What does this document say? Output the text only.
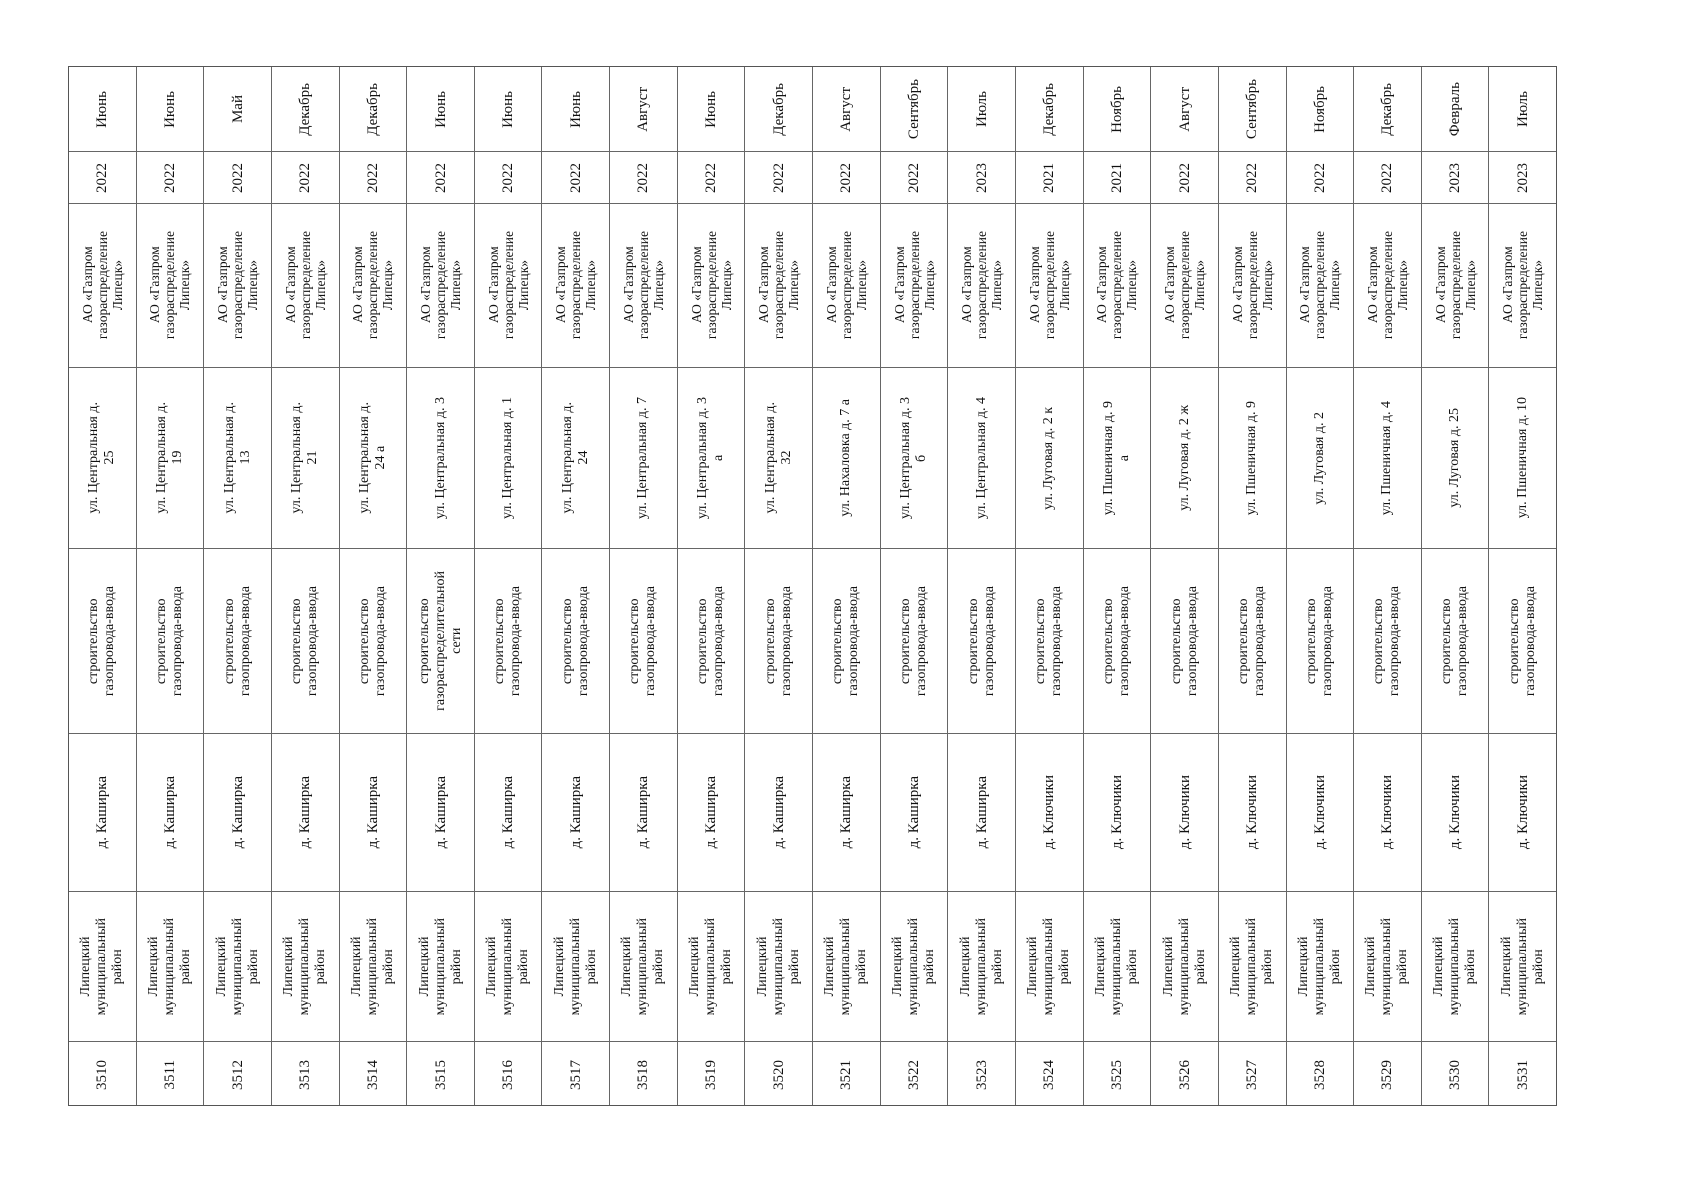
Июнь
2022
АО «Газпром
газораспределение
Липецк»
ул. Центральная д.
25
строительство
газопровода-ввода
д. Каширка
Липецкий
муниципальный
район
3510
Июнь
2022
АО «Газпром
газораспределение
Липецк»
ул. Центральная д.
19
строительство
газопровода-ввода
д. Каширка
Липецкий
муниципальный
район
3511
Май
2022
АО «Газпром
газораспределение
Липецк»
ул. Центральная д.
13
строительство
газопровода-ввода
д. Каширка
Липецкий
муниципальный
район
3512
Декабрь
2022
АО «Газпром
газораспределение
Липецк»
ул. Центральная д.
21
строительство
газопровода-ввода
д. Каширка
Липецкий
муниципальный
район
3513
Декабрь
2022
АО «Газпром
газораспределение
Липецк»
ул. Центральная д.
24 а
строительство
газопровода-ввода
д. Каширка
Липецкий
муниципальный
район
3514
Июнь
2022
АО «Газпром
газораспределение
Липецк»
ул. Центральная д. 3
строительство
газораспределительной
сети
д. Каширка
Липецкий
муниципальный
район
3515
Июнь
2022
АО «Газпром
газораспределение
Липецк»
ул. Центральная д. 1
строительство
газопровода-ввода
д. Каширка
Липецкий
муниципальный
район
3516
Июнь
2022
АО «Газпром
газораспределение
Липецк»
ул. Центральная д.
24
строительство
газопровода-ввода
д. Каширка
Липецкий
муниципальный
район
3517
Август
2022
АО «Газпром
газораспределение
Липецк»
ул. Центральная д. 7
строительство
газопровода-ввода
д. Каширка
Липецкий
муниципальный
район
3518
Июнь
2022
АО «Газпром
газораспределение
Липецк»
ул. Центральная д. 3
а
строительство
газопровода-ввода
д. Каширка
Липецкий
муниципальный
район
3519
Декабрь
2022
АО «Газпром
газораспределение
Липецк»
ул. Центральная д.
32
строительство
газопровода-ввода
д. Каширка
Липецкий
муниципальный
район
3520
Август
2022
АО «Газпром
газораспределение
Липецк»
ул. Нахаловка д. 7 а
строительство
газопровода-ввода
д. Каширка
Липецкий
муниципальный
район
3521
Сентябрь
2022
АО «Газпром
газораспределение
Липецк»
ул. Центральная д. 3
б
строительство
газопровода-ввода
д. Каширка
Липецкий
муниципальный
район
3522
Июль
2023
АО «Газпром
газораспределение
Липецк»
ул. Центральная д. 4
строительство
газопровода-ввода
д. Каширка
Липецкий
муниципальный
район
3523
Декабрь
2021
АО «Газпром
газораспределение
Липецк»
ул. Луговая д. 2 к
строительство
газопровода-ввода
д. Ключики
Липецкий
муниципальный
район
3524
Ноябрь
2021
АО «Газпром
газораспределение
Липецк»
ул. Пшеничная д. 9
а
строительство
газопровода-ввода
д. Ключики
Липецкий
муниципальный
район
3525
Август
2022
АО «Газпром
газораспределение
Липецк»
ул. Луговая д. 2 ж
строительство
газопровода-ввода
д. Ключики
Липецкий
муниципальный
район
3526
Сентябрь
2022
АО «Газпром
газораспределение
Липецк»
ул. Пшеничная д. 9
строительство
газопровода-ввода
д. Ключики
Липецкий
муниципальный
район
3527
Ноябрь
2022
АО «Газпром
газораспределение
Липецк»
ул. Луговая д. 2
строительство
газопровода-ввода
д. Ключики
Липецкий
муниципальный
район
3528
Декабрь
2022
АО «Газпром
газораспределение
Липецк»
ул. Пшеничная д. 4
строительство
газопровода-ввода
д. Ключики
Липецкий
муниципальный
район
3529
Февраль
2023
АО «Газпром
газораспределение
Липецк»
ул. Луговая д. 25
строительство
газопровода-ввода
д. Ключики
Липецкий
муниципальный
район
3530
Июль
2023
АО «Газпром
газораспределение
Липецк»
ул. Пшеничная д. 10
строительство
газопровода-ввода
д. Ключики
Липецкий
муниципальный
район
3531
